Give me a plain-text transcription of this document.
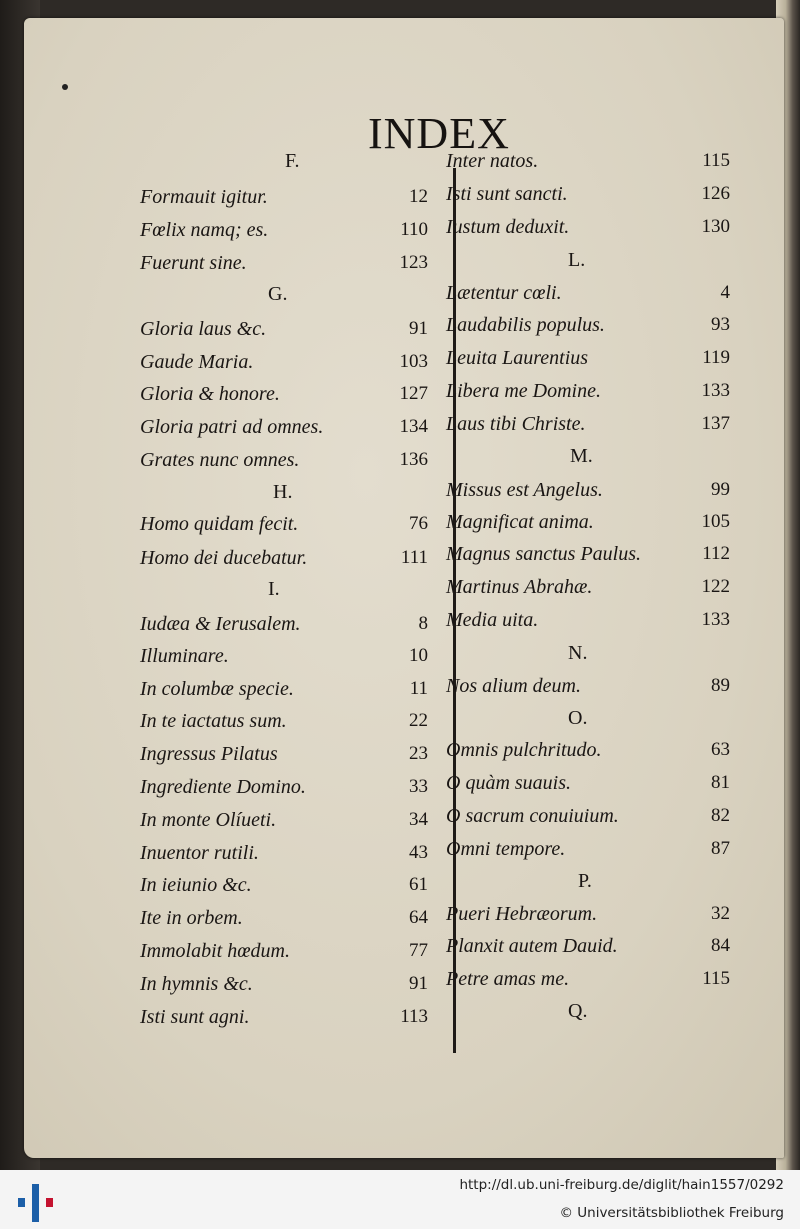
INDEX
F.
Formauit igitur.	12
Fœlix namq; es.	110
Fuerunt sine.	123
G.
Gloria laus &c.	91
Gaude Maria.	103
Gloria & honore.	127
Gloria patri ad omnes.	134
Grates nunc omnes.	136
H.
Homo quidam fecit.	76
Homo dei ducebatur.	111
I.
Iudæa & Ierusalem.	8
Illuminare.	10
In columbæ specie.	11
In te iactatus sum.	22
Ingressus Pilatus	23
Ingrediente Domino.	33
In monte Olíueti.	34
Inuentor rutili.	43
In ieiunio &c.	61
Ite in orbem.	64
Immolabit hœdum.	77
In hymnis &c.	91
Isti sunt agni.	113
Inter natos.	115
Isti sunt sancti.	126
Iustum deduxit.	130
L.
Lætentur cœli.	4
Laudabilis populus.	93
Leuita Laurentius	119
Libera me Domine.	133
Laus tibi Christe.	137
M.
Missus est Angelus.	99
Magnificat anima.	105
Magnus sanctus Paulus.	112
Martinus Abrahæ.	122
Media uita.	133
N.
Nos alium deum.	89
O.
Omnis pulchritudo.	63
O quàm suauis.	81
O sacrum conuiuium.	82
Omni tempore.	87
P.
Pueri Hebræorum.	32
Planxit autem Dauid.	84
Petre amas me.	115
Q.
http://dl.ub.uni-freiburg.de/diglit/hain1557/0292
© Universitätsbibliothek Freiburg
